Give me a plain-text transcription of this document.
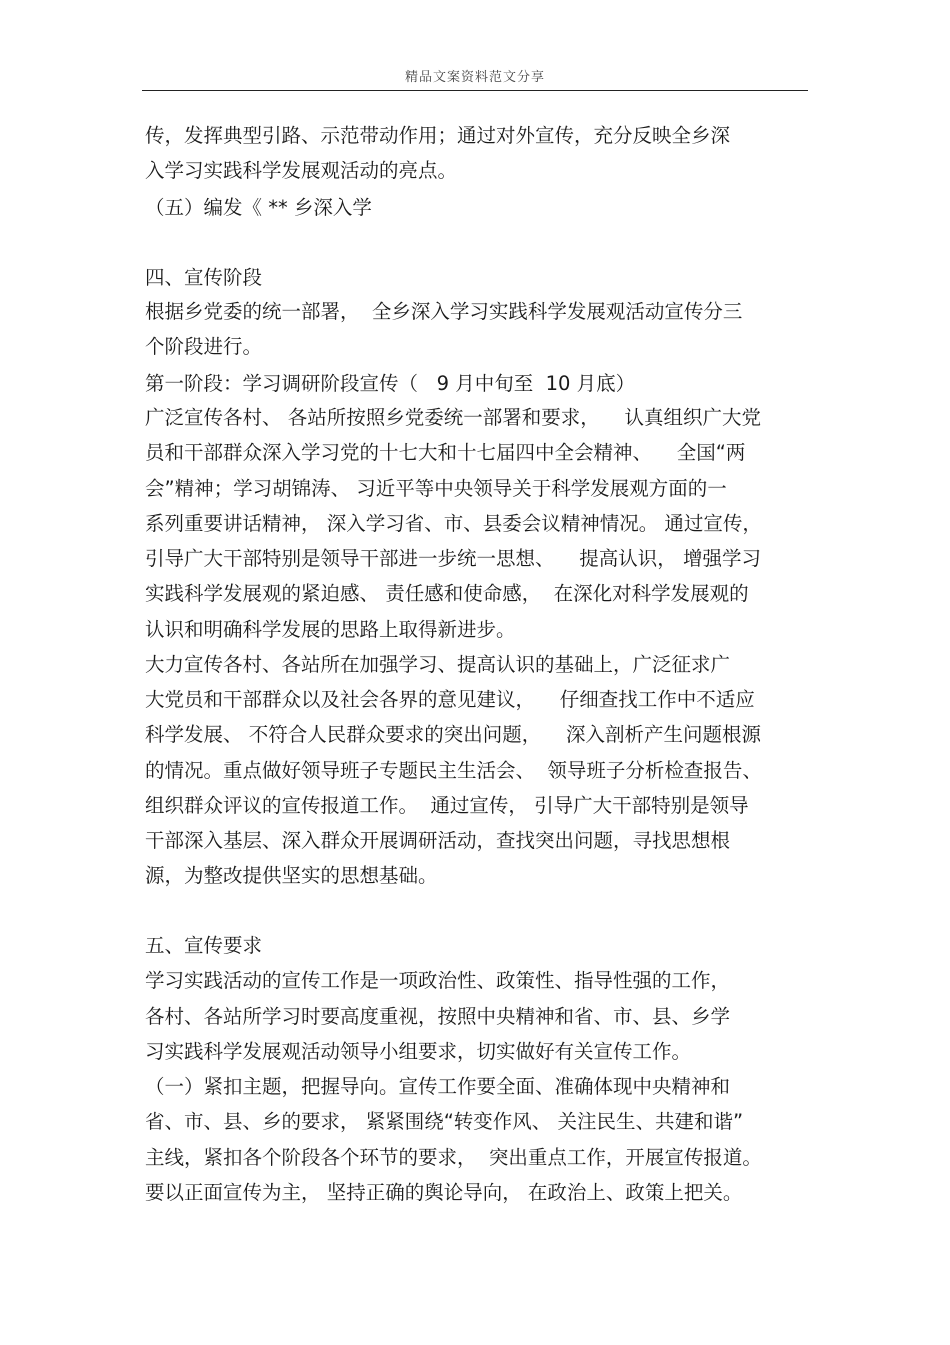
精品文案资料范文分享
传，发挥典型引路、示范带动作用；通过对外宣传，充分反映全乡深
入学习实践科学发展观活动的亮点。
（五）编发《 ** 乡深入学
四、宣传阶段
根据乡党委的统一部署，  全乡深入学习实践科学发展观活动宣传分三
个阶段进行。
第一阶段：学习调研阶段宣传（   9 月中旬至  10 月底）
广泛宣传各村、 各站所按照乡党委统一部署和要求，    认真组织广大党
员和干部群众深入学习党的十七大和十七届四中全会精神、    全国“两
会”精神；学习胡锦涛、 习近平等中央领导关于科学发展观方面的一
系列重要讲话精神， 深入学习省、市、县委会议精神情况。 通过宣传，
引导广大干部特别是领导干部进一步统一思想、    提高认识， 增强学习
实践科学发展观的紧迫感、 责任感和使命感，  在深化对科学发展观的
认识和明确科学发展的思路上取得新进步。
大力宣传各村、各站所在加强学习、提高认识的基础上，广泛征求广
大党员和干部群众以及社会各界的意见建议，    仔细查找工作中不适应
科学发展、 不符合人民群众要求的突出问题，    深入剖析产生问题根源
的情况。重点做好领导班子专题民主生活会、  领导班子分析检查报告、
组织群众评议的宣传报道工作。  通过宣传， 引导广大干部特别是领导
干部深入基层、深入群众开展调研活动，查找突出问题，寻找思想根
源，为整改提供坚实的思想基础。
五、宣传要求
学习实践活动的宣传工作是一项政治性、政策性、指导性强的工作，
各村、各站所学习时要高度重视，按照中央精神和省、市、县、乡学
习实践科学发展观活动领导小组要求，切实做好有关宣传工作。
（一）紧扣主题，把握导向。宣传工作要全面、准确体现中央精神和
省、市、县、乡的要求， 紧紧围绕“转变作风、 关注民生、共建和谐”
主线，紧扣各个阶段各个环节的要求，  突出重点工作，开展宣传报道。
要以正面宣传为主， 坚持正确的舆论导向， 在政治上、政策上把关。
